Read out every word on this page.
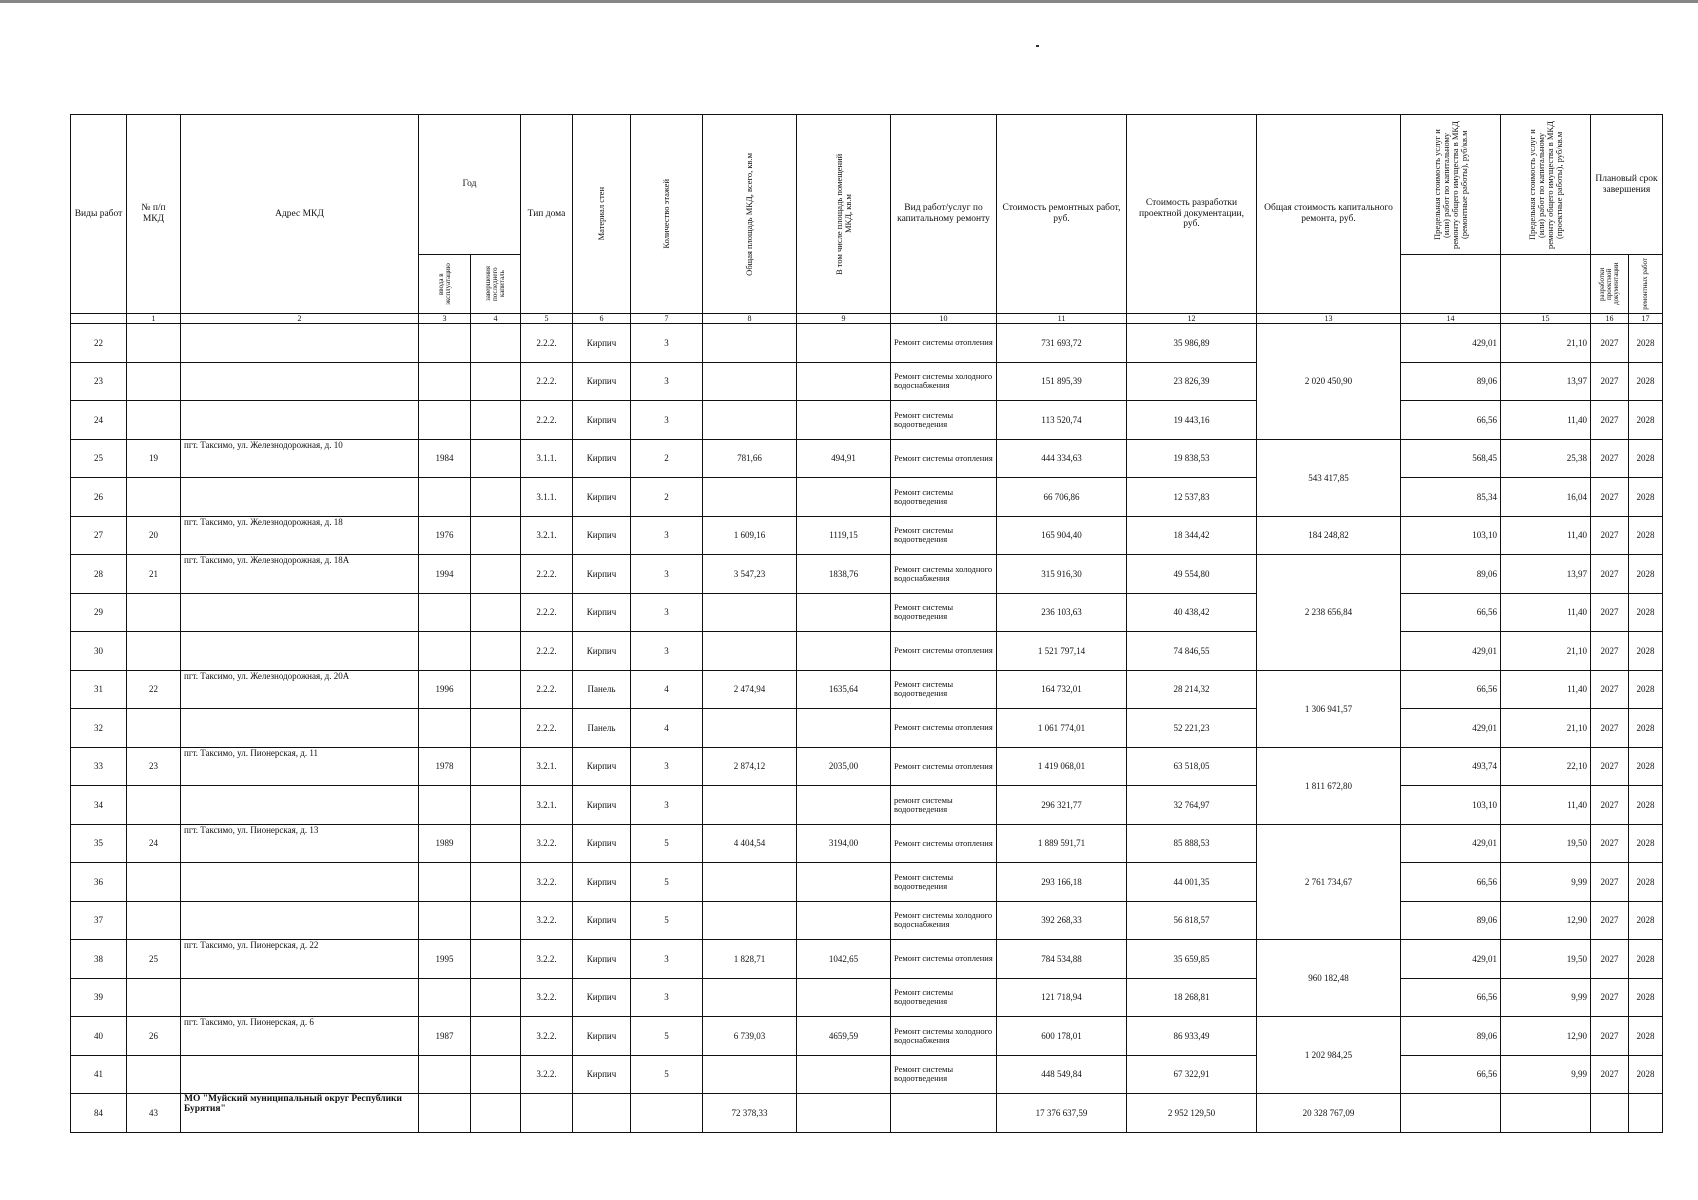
Виды работ	№ п/п МКД	Адрес МКД	Год		Тип дома	Материал стен	Количество этажей	Общая площадь МКД, всего, кв.м	В том числе площадь помещений МКД, кв.м	Вид работ/услуг по капитальному ремонту	Стоимость ремонтных работ, руб.	Стоимость разработки проектной документации, руб.	Общая стоимость капитального ремонта, руб.	Предельная стоимость услуг и (или) работ по капитальному ремонту общего имущества в МКД (ремонтные работы), руб/кв.м	Предельная стоимость услуг и (или) работ по капитальному ремонту общего имущества в МКД (проектные работы), руб/кв.м	Плановый срок завершения	

			ввода в эксплуатацию	завершения последнего капиталь												разработки проектной документации	ремонтных работ

	1	2	3	4	5	6	7	8	9	10	11	12	13	14	15	16	17
22					2.2.2.	Кирпич	3			Ремонт системы отопления	731 693,72	35 986,89	2 020 450,90	429,01	21,10	2027	2028
23					2.2.2.	Кирпич	3			Ремонт системы холодного водоснабжения	151 895,39	23 826,39		89,06	13,97	2027	2028
24					2.2.2.	Кирпич	3			Ремонт системы водоотведения	113 520,74	19 443,16		66,56	11,40	2027	2028
25	19	пгт. Таксимо, ул. Железнодорожная, д. 10	1984		3.1.1.	Кирпич	2	781,66	494,91	Ремонт системы отопления	444 334,63	19 838,53	543 417,85	568,45	25,38	2027	2028
26					3.1.1.	Кирпич	2			Ремонт системы водоотведения	66 706,86	12 537,83		85,34	16,04	2027	2028
27	20	пгт. Таксимо, ул. Железнодорожная, д. 18	1976		3.2.1.	Кирпич	3	1 609,16	1119,15	Ремонт системы водоотведения	165 904,40	18 344,42	184 248,82	103,10	11,40	2027	2028
28	21	пгт. Таксимо, ул. Железнодорожная, д. 18А	1994		2.2.2.	Кирпич	3	3 547,23	1838,76	Ремонт системы холодного водоснабжения	315 916,30	49 554,80	2 238 656,84	89,06	13,97	2027	2028
29					2.2.2.	Кирпич	3			Ремонт системы водоотведения	236 103,63	40 438,42		66,56	11,40	2027	2028
30					2.2.2.	Кирпич	3			Ремонт системы отопления	1 521 797,14	74 846,55		429,01	21,10	2027	2028
31	22	пгт. Таксимо, ул. Железнодорожная, д. 20А	1996		2.2.2.	Панель	4	2 474,94	1635,64	Ремонт системы водоотведения	164 732,01	28 214,32	1 306 941,57	66,56	11,40	2027	2028
32					2.2.2.	Панель	4			Ремонт системы отопления	1 061 774,01	52 221,23		429,01	21,10	2027	2028
33	23	пгт. Таксимо, ул. Пионерская, д. 11	1978		3.2.1.	Кирпич	3	2 874,12	2035,00	Ремонт системы отопления	1 419 068,01	63 518,05	1 811 672,80	493,74	22,10	2027	2028
34					3.2.1.	Кирпич	3			ремонт системы водоотведения	296 321,77	32 764,97		103,10	11,40	2027	2028
35	24	пгт. Таксимо, ул. Пионерская, д. 13	1989		3.2.2.	Кирпич	5	4 404,54	3194,00	Ремонт системы отопления	1 889 591,71	85 888,53	2 761 734,67	429,01	19,50	2027	2028
36					3.2.2.	Кирпич	5			Ремонт системы водоотведения	293 166,18	44 001,35		66,56	9,99	2027	2028
37					3.2.2.	Кирпич	5			Ремонт системы холодного водоснабжения	392 268,33	56 818,57		89,06	12,90	2027	2028
38	25	пгт. Таксимо, ул. Пионерская, д. 22	1995		3.2.2.	Кирпич	3	1 828,71	1042,65	Ремонт системы отопления	784 534,88	35 659,85	960 182,48	429,01	19,50	2027	2028
39					3.2.2.	Кирпич	3			Ремонт системы водоотведения	121 718,94	18 268,81		66,56	9,99	2027	2028
40	26	пгт. Таксимо, ул. Пионерская, д. 6	1987		3.2.2.	Кирпич	5	6 739,03	4659,59	Ремонт системы холодного водоснабжения	600 178,01	86 933,49	1 202 984,25	89,06	12,90	2027	2028
41					3.2.2.	Кирпич	5			Ремонт системы водоотведения	448 549,84	67 322,91		66,56	9,99	2027	2028
84	43	МО "Муйский муниципальный округ Республики Бурятия"						72 378,33			17 376 637,59	2 952 129,50	20 328 767,09				
